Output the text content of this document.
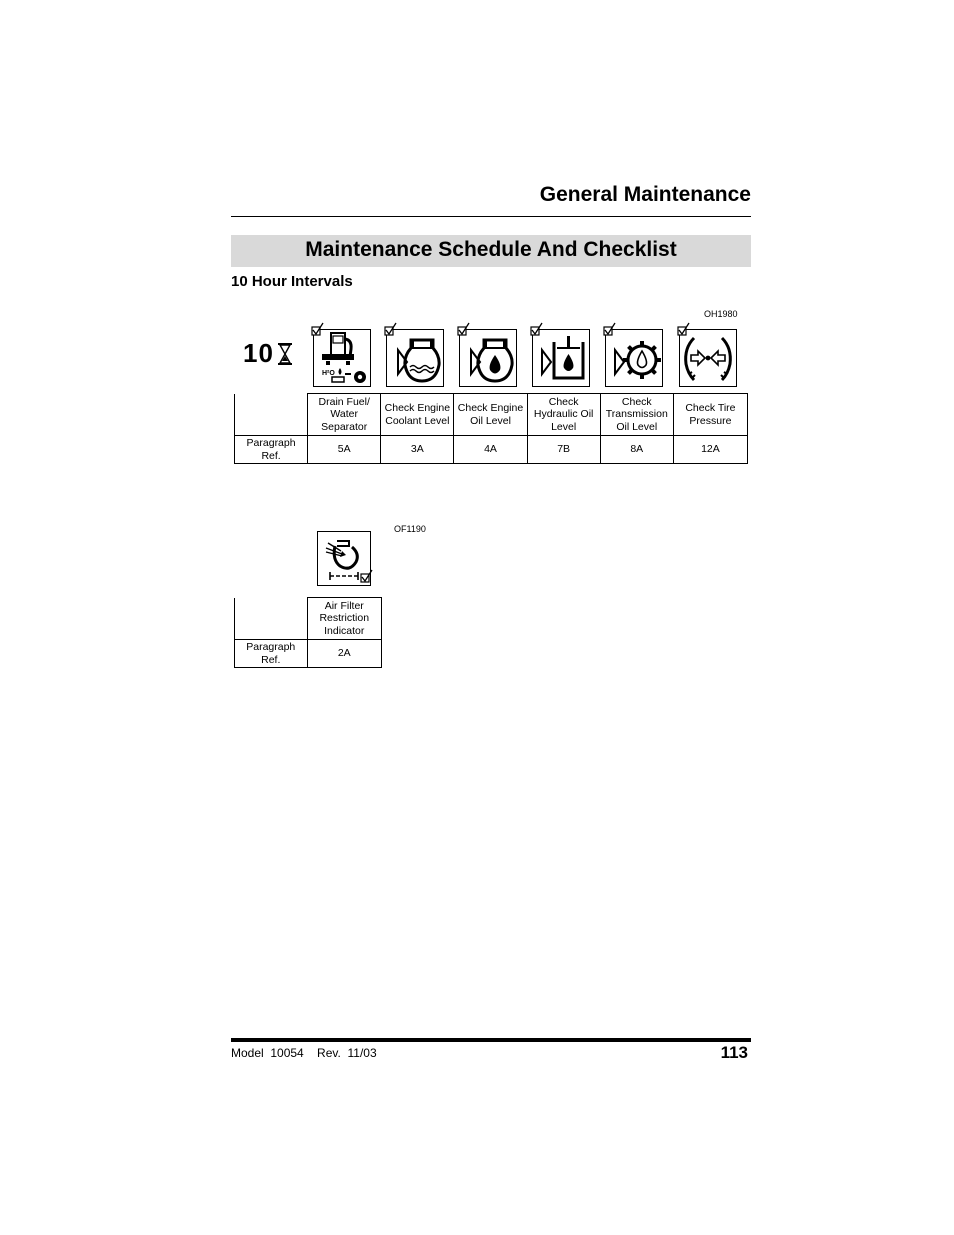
General Maintenance
Maintenance Schedule And Checklist
10 Hour Intervals
OH1980
10
H²O
	Drain Fuel/ Water Separator	Check Engine Coolant Level	Check Engine Oil Level	Check Hydraulic Oil Level	Check Transmission Oil Level	Check Tire Pressure
Paragraph Ref.	5A	3A	4A	7B	8A	12A
OF1190
	Air Filter Restriction Indicator
Paragraph Ref.	2A
Model  10054    Rev.  11/03	113
